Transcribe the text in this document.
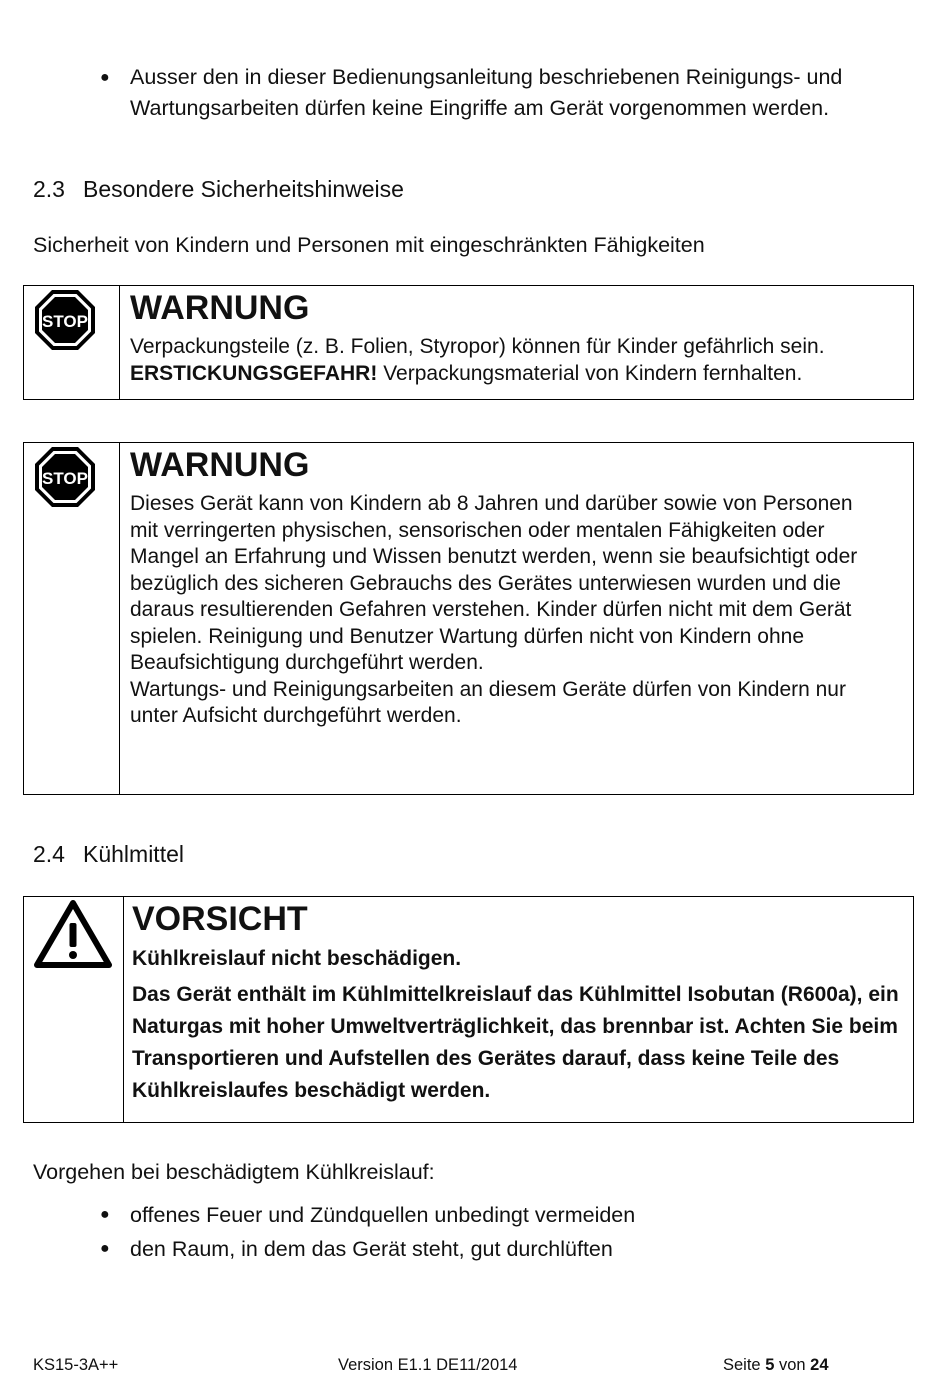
● Ausser den in dieser Bedienungsanleitung beschriebenen Reinigungs- und Wartungsarbeiten dürfen keine Eingriffe am Gerät vorgenommen werden.
2.3 Besondere Sicherheitshinweise
Sicherheit von Kindern und Personen mit eingeschränkten Fähigkeiten
STOP WARNUNG
Verpackungsteile (z. B. Folien, Styropor) können für Kinder gefährlich sein.
ERSTICKUNGSGEFAHR! Verpackungsmaterial von Kindern fernhalten.
STOP WARNUNG
Dieses Gerät kann von Kindern ab 8 Jahren und darüber sowie von Personen mit verringerten physischen, sensorischen oder mentalen Fähigkeiten oder Mangel an Erfahrung und Wissen benutzt werden, wenn sie beaufsichtigt oder bezüglich des sicheren Gebrauchs des Gerätes unterwiesen wurden und die daraus resultierenden Gefahren verstehen. Kinder dürfen nicht mit dem Gerät spielen. Reinigung und Benutzer Wartung dürfen nicht von Kindern ohne Beaufsichtigung durchgeführt werden.
Wartungs- und Reinigungsarbeiten an diesem Geräte dürfen von Kindern nur unter Aufsicht durchgeführt werden.
2.4 Kühlmittel
VORSICHT

Kühlkreislauf nicht beschädigen.

Das Gerät enthält im Kühlmittelkreislauf das Kühlmittel Isobutan (R600a), ein Naturgas mit hoher Umweltverträglichkeit, das brennbar ist. Achten Sie beim Transportieren und Aufstellen des Gerätes darauf, dass keine Teile des Kühlkreislaufes beschädigt werden.

Vorgehen bei beschädigtem Kühlkreislauf:
● offenes Feuer und Zündquellen unbedingt vermeiden
● den Raum, in dem das Gerät steht, gut durchlüften
KS15-3A++	Version E1.1 DE11/2014	Seite 5 von 24
